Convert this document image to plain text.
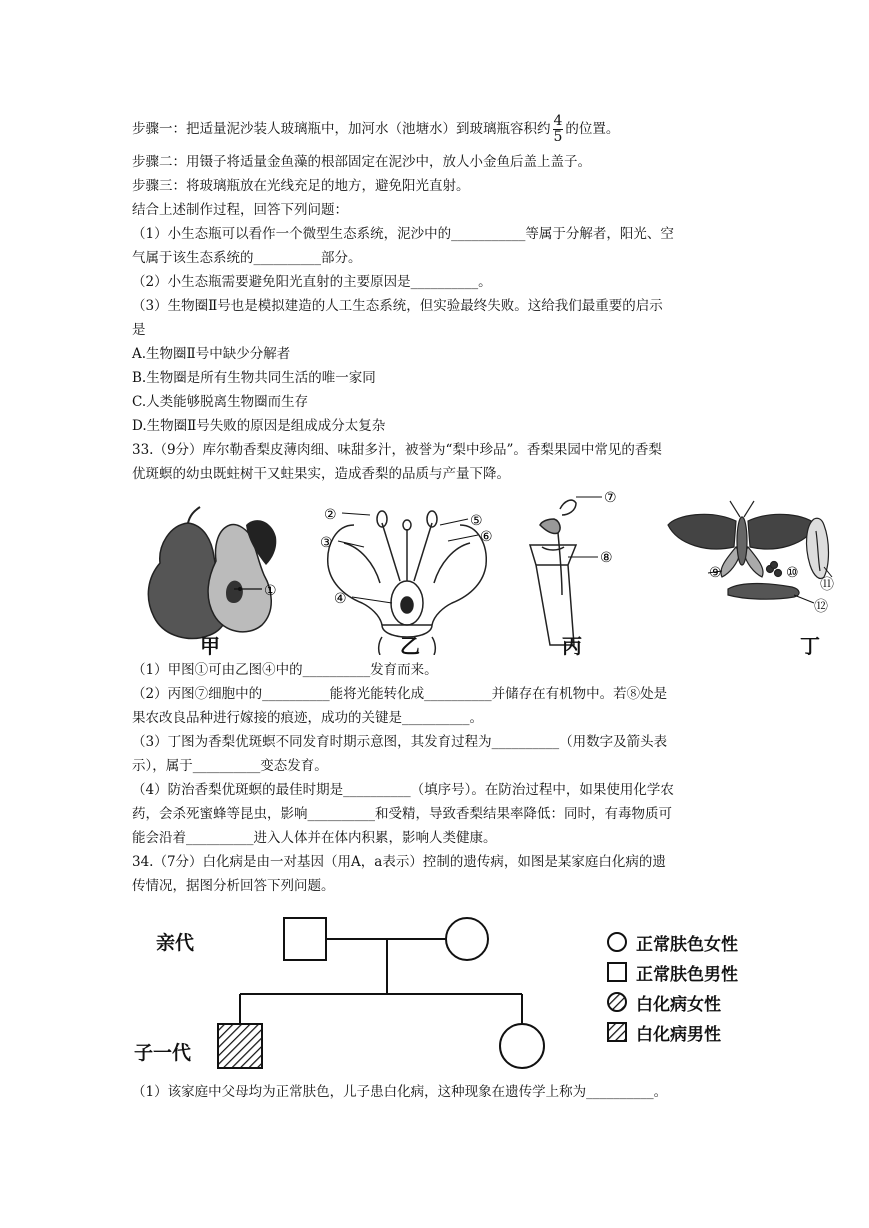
步骤一：把适量泥沙装人玻璃瓶中，加河水（池塘水）到玻璃瓶容积约 $\frac{4}{5}$ 的位置。
步骤二：用镊子将适量金鱼藻的根部固定在泥沙中，放人小金鱼后盖上盖子。
步骤三：将玻璃瓶放在光线充足的地方，避免阳光直射。
结合上述制作过程，回答下列问题：
（1）小生态瓶可以看作一个微型生态系统，泥沙中的___________等属于分解者，阳光、空
气属于该生态系统的__________部分。
（2）小生态瓶需要避免阳光直射的主要原因是__________。
（3）生物圈Ⅱ号也是模拟建造的人工生态系统，但实验最终失败。这给我们最重要的启示
是
A.生物圈Ⅱ号中缺少分解者
B.生物圈是所有生物共同生活的唯一家同
C.人类能够脱离生物圈而生存
D.生物圈Ⅱ号失败的原因是组成成分太复杂
33.（9分）库尔勒香梨皮薄肉细、味甜多汁，被誉为“梨中珍品”。香梨果园中常见的香梨
优斑螟的幼虫既蛀树干又蛀果实，造成香梨的品质与产量下降。
①
②
③
④
⑤
⑥
⑦
⑧
⑨	⑩
⑪
⑫
甲	乙	丙	丁
（1）甲图①可由乙图④中的__________发育而来。
（2）丙图⑦细胞中的__________能将光能转化成__________并储存在有机物中。若⑧处是
果农改良品种进行嫁接的痕迹，成功的关键是__________。
（3）丁图为香梨优斑螟不同发育时期示意图，其发育过程为__________（用数字及箭头表
示），属于__________变态发育。
（4）防治香梨优斑螟的最佳时期是__________（填序号）。在防治过程中，如果使用化学农
药，会杀死蜜蜂等昆虫，影响__________和受精，导致香梨结果率降低：同时，有毒物质可
能会沿着__________进入人体并在体内积累，影响人类健康。
34.（7分）白化病是由一对基因（用A，a表示）控制的遗传病，如图是某家庭白化病的遗
传情况，据图分析回答下列问题。
亲代
子一代
正常肤色女性
正常肤色男性
白化病女性
白化病男性
（1）该家庭中父母均为正常肤色，儿子患白化病，这种现象在遗传学上称为__________。
